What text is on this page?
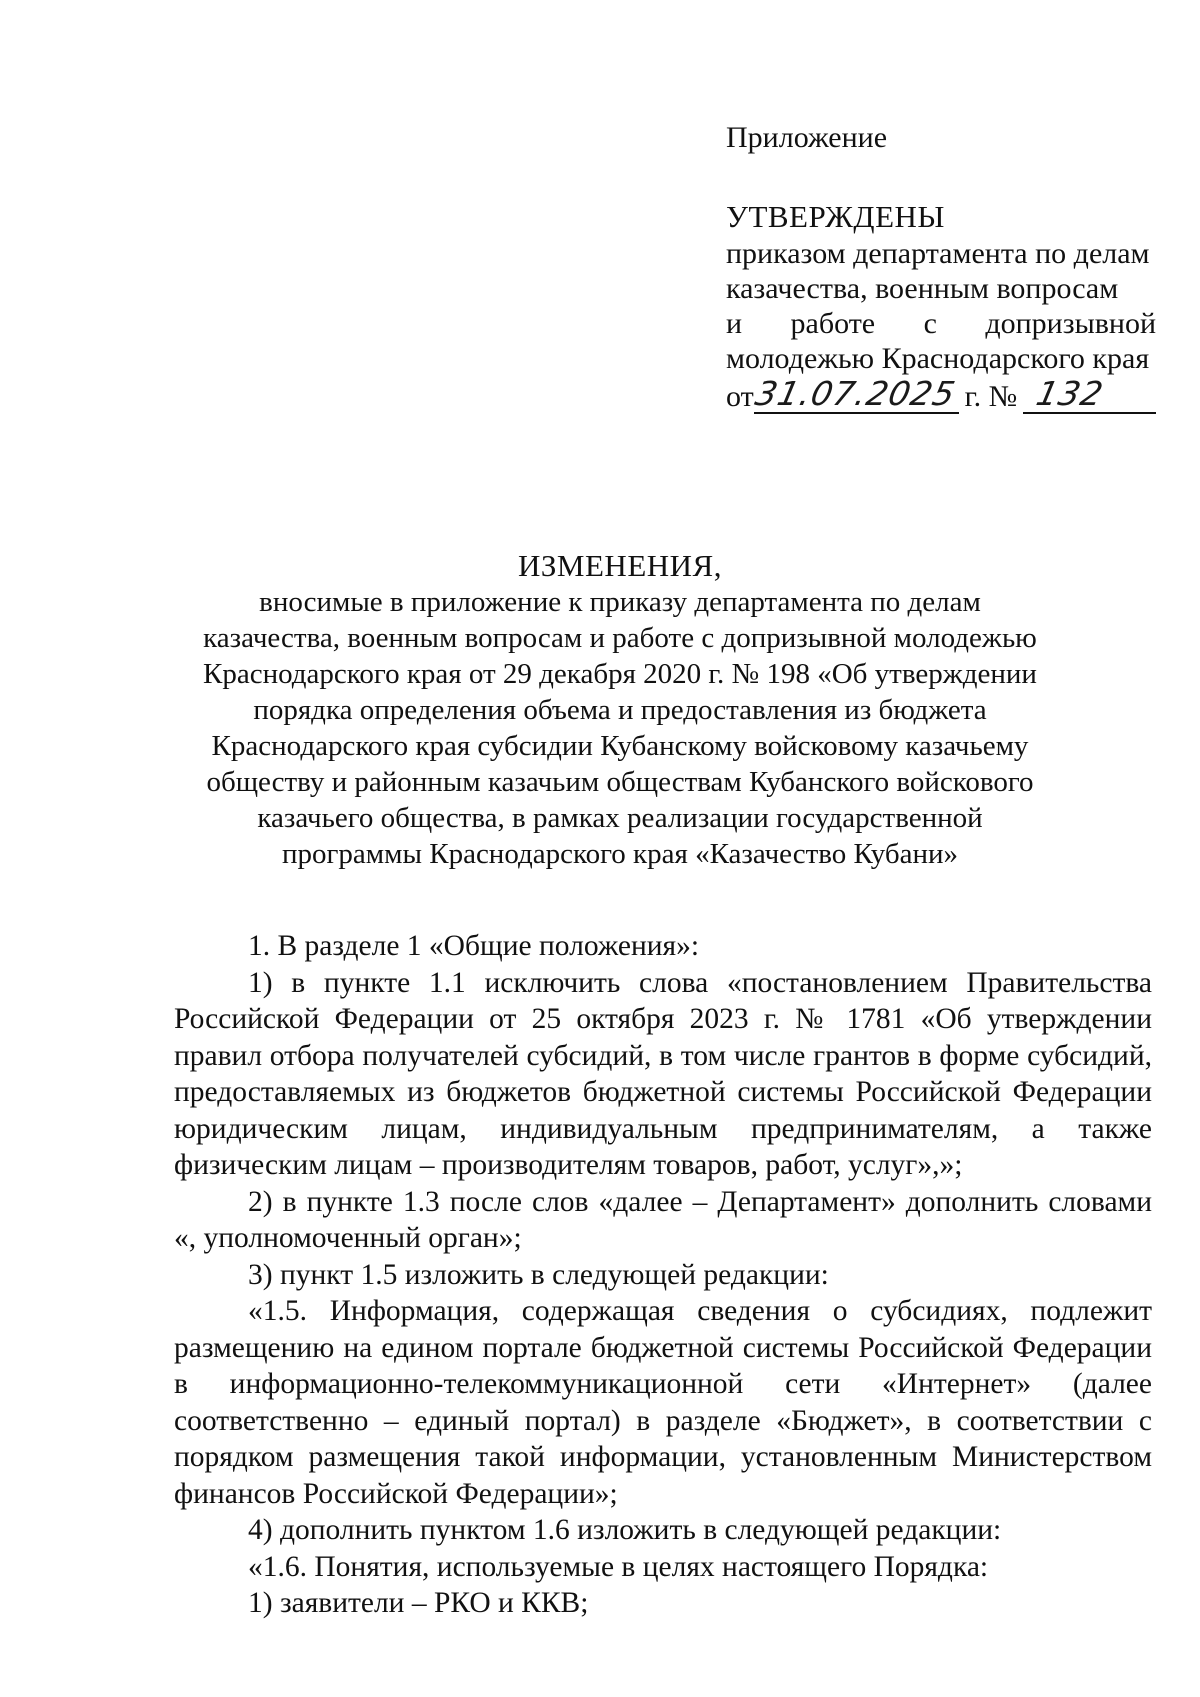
Приложение
УТВЕРЖДЕНЫ
приказом департамента по делам
казачества, военным вопросам
и работе с допризывной
молодежью Краснодарского края
от
31.07.2025 г. № 132
ИЗМЕНЕНИЯ,
вносимые в приложение к приказу департамента по делам
казачества, военным вопросам и работе с допризывной молодежью
Краснодарского края от 29 декабря 2020 г. № 198 «Об утверждении
порядка определения объема и предоставления из бюджета
Краснодарского края субсидии Кубанскому войсковому казачьему
обществу и районным казачьим обществам Кубанского войскового
казачьего общества, в рамках реализации государственной
программы Краснодарского края «Казачество Кубани»

1. В разделе 1 «Общие положения»:

1) в пункте 1.1 исключить слова «постановлением Правительства Российской Федерации от 25 октября 2023 г. № 1781 «Об утверждении правил отбора получателей субсидий, в том числе грантов в форме субсидий, предоставляемых из бюджетов бюджетной системы Российской Федерации юридическим лицам, индивидуальным предпринимателям, а также физическим лицам – производителям товаров, работ, услуг»,»;

2) в пункте 1.3 после слов «далее – Департамент» дополнить словами «, уполномоченный орган»;

3) пункт 1.5 изложить в следующей редакции:

«1.5. Информация, содержащая сведения о субсидиях, подлежит размещению на едином портале бюджетной системы Российской Федерации в информационно-телекоммуникационной сети «Интернет» (далее соответственно – единый портал) в разделе «Бюджет», в соответствии с порядком размещения такой информации, установленным Министерством финансов Российской Федерации»;

4) дополнить пунктом 1.6 изложить в следующей редакции:

«1.6. Понятия, используемые в целях настоящего Порядка:

1) заявители – РКО и ККВ;
